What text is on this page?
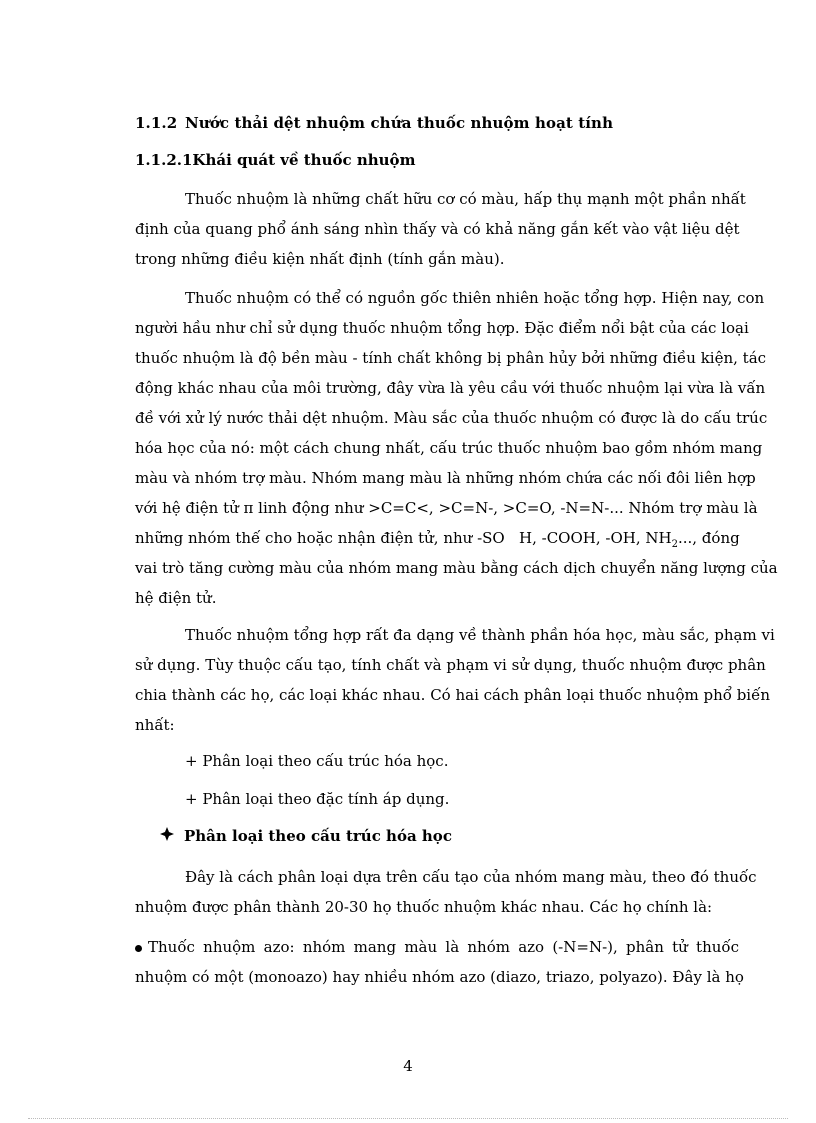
1.1.2 Nước thải dệt nhuộm chứa thuốc nhuộm hoạt tính
1.1.2.1Khái quát về thuốc nhuộm
Thuốc nhuộm là những chất hữu cơ có màu, hấp thụ mạnh một phần nhất
định của quang phổ ánh sáng nhìn thấy và có khả năng gắn kết vào vật liệu dệt
trong những điều kiện nhất định (tính gắn màu).
Thuốc nhuộm có thể có nguồn gốc thiên nhiên hoặc tổng hợp. Hiện nay, con
người hầu như chỉ sử dụng thuốc nhuộm tổng hợp. Đặc điểm nổi bật của các loại
thuốc nhuộm là độ bền màu - tính chất không bị phân hủy bởi những điều kiện, tác
động khác nhau của môi trường, đây vừa là yêu cầu với thuốc nhuộm lại vừa là vấn
đề với xử lý nước thải dệt nhuộm. Màu sắc của thuốc nhuộm có được là do cấu trúc
hóa học của nó: một cách chung nhất, cấu trúc thuốc nhuộm bao gồm nhóm mang
màu và nhóm trợ màu. Nhóm mang màu là những nhóm chứa các nối đôi liên hợp
với hệ điện tử π linh động như >C=C<, >C=N-, >C=O, -N=N-... Nhóm trợ màu là
những nhóm thế cho hoặc nhận điện tử, như -SO   H, -COOH, -OH, $NH_2$..., đóng
vai trò tăng cường màu của nhóm mang màu bằng cách dịch chuyển năng lượng của
hệ điện tử.
Thuốc nhuộm tổng hợp rất đa dạng về thành phần hóa học, màu sắc, phạm vi
sử dụng. Tùy thuộc cấu tạo, tính chất và phạm vi sử dụng, thuốc nhuộm được phân
chia thành các họ, các loại khác nhau. Có hai cách phân loại thuốc nhuộm phổ biến
nhất:
+ Phân loại theo cấu trúc hóa học.
+ Phân loại theo đặc tính áp dụng.
Phân loại theo cấu trúc hóa học
Đây là cách phân loại dựa trên cấu tạo của nhóm mang màu, theo đó thuốc
nhuộm được phân thành 20-30 họ thuốc nhuộm khác nhau. Các họ chính là:
Thuốc nhuộm azo: nhóm mang màu là nhóm azo (-N=N-), phân tử thuốc
nhuộm có một (monoazo) hay nhiều nhóm azo (diazo, triazo, polyazo). Đây là họ
4
